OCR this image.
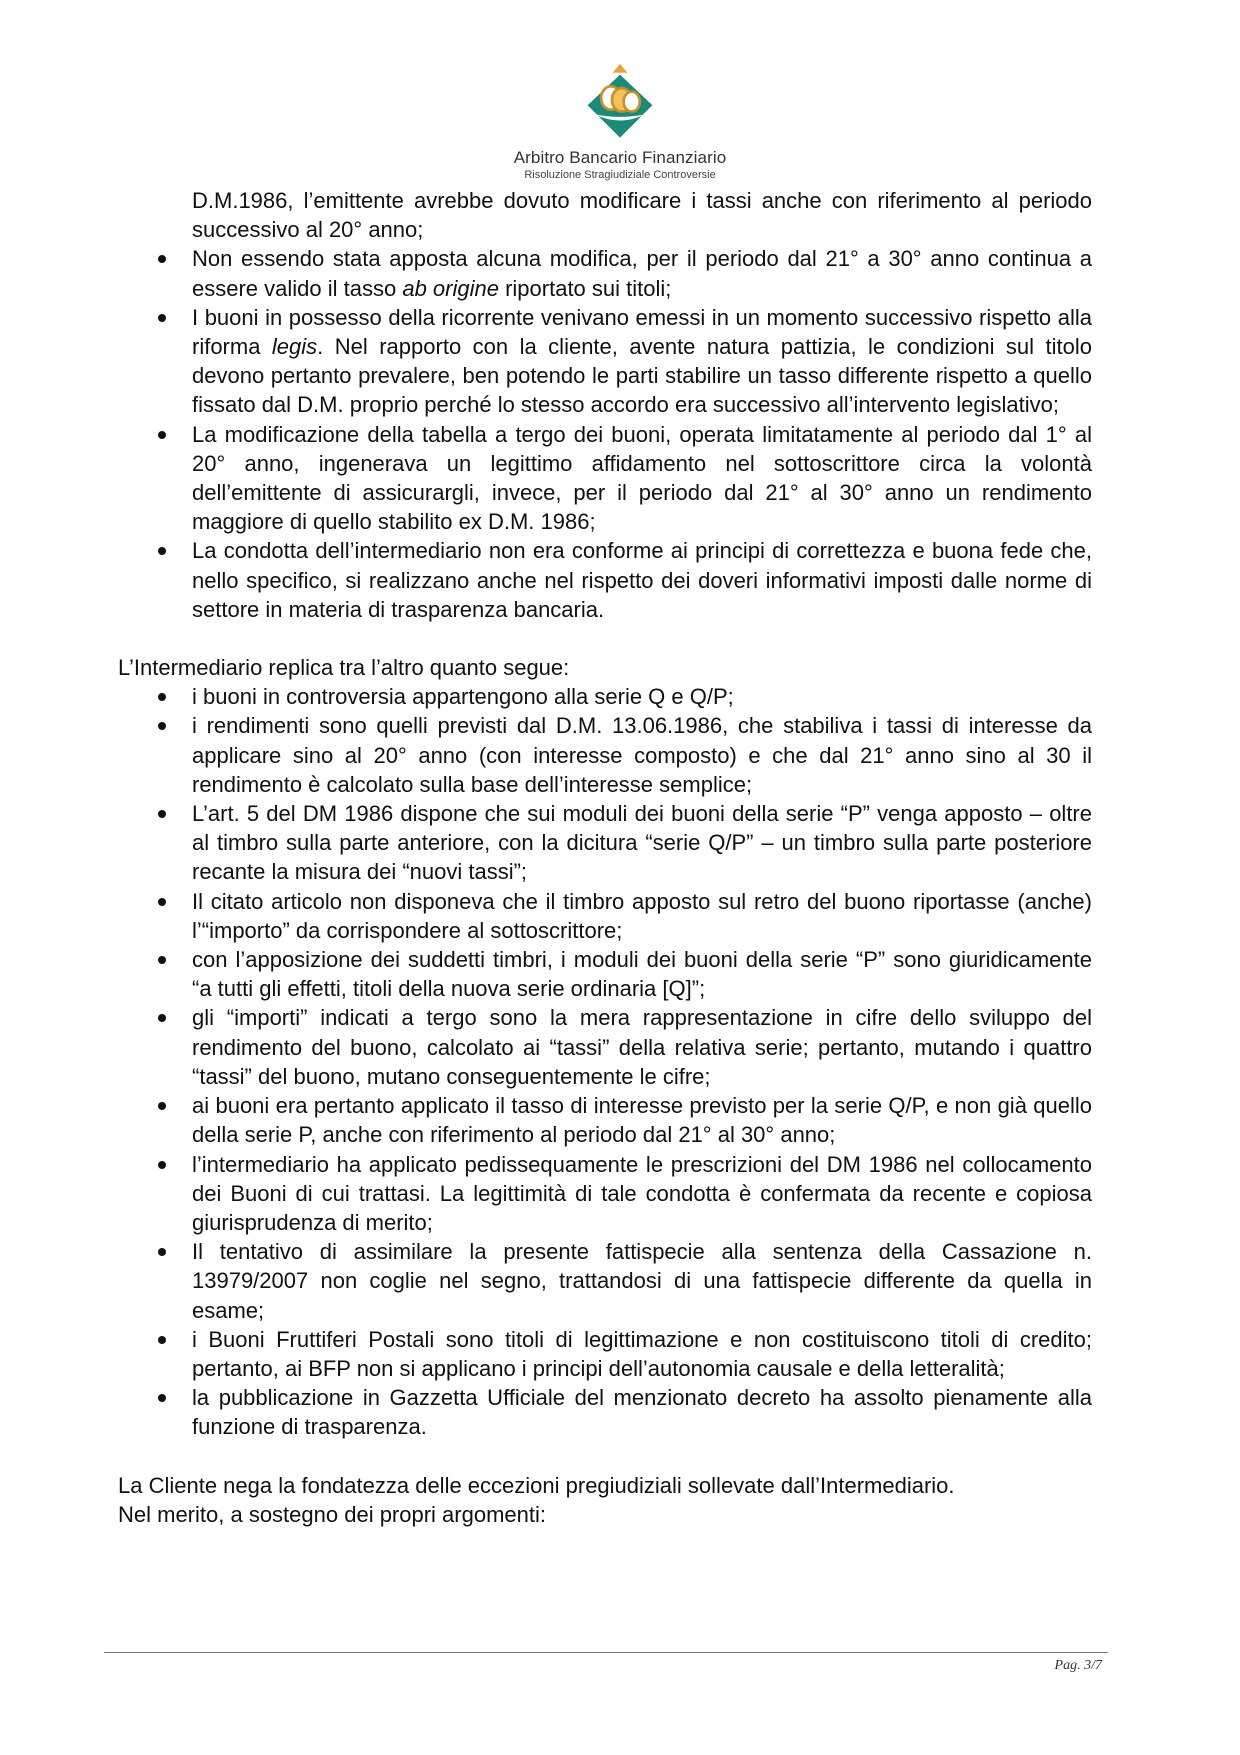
Arbitro Bancario Finanziario
Risoluzione Stragiudiziale Controversie
D.M.1986, l’emittente avrebbe dovuto modificare i tassi anche con riferimento al periodo successivo al 20° anno;
Non essendo stata apposta alcuna modifica, per il periodo dal 21° a 30° anno continua a essere valido il tasso ab origine riportato sui titoli;
I buoni in possesso della ricorrente venivano emessi in un momento successivo rispetto alla riforma legis. Nel rapporto con la cliente, avente natura pattizia, le condizioni sul titolo devono pertanto prevalere, ben potendo le parti stabilire un tasso differente rispetto a quello fissato dal D.M. proprio perché lo stesso accordo era successivo all’intervento legislativo;
La modificazione della tabella a tergo dei buoni, operata limitatamente al periodo dal 1° al 20° anno, ingenerava un legittimo affidamento nel sottoscrittore circa la volontà dell’emittente di assicurargli, invece, per il periodo dal 21° al 30° anno un rendimento maggiore di quello stabilito ex D.M. 1986;
La condotta dell’intermediario non era conforme ai principi di correttezza e buona fede che, nello specifico, si realizzano anche nel rispetto dei doveri informativi imposti dalle norme di settore in materia di trasparenza bancaria.

L’Intermediario replica tra l’altro quanto segue:

i buoni in controversia appartengono alla serie Q e Q/P;
i rendimenti sono quelli previsti dal D.M. 13.06.1986, che stabiliva i tassi di interesse da applicare sino al 20° anno (con interesse composto) e che dal 21° anno sino al 30 il rendimento è calcolato sulla base dell’interesse semplice;
L’art. 5 del DM 1986 dispone che sui moduli dei buoni della serie “P” venga apposto – oltre al timbro sulla parte anteriore, con la dicitura “serie Q/P” – un timbro sulla parte posteriore recante la misura dei “nuovi tassi”;
Il citato articolo non disponeva che il timbro apposto sul retro del buono riportasse (anche) l’“importo” da corrispondere al sottoscrittore;
con l’apposizione dei suddetti timbri, i moduli dei buoni della serie “P” sono giuridicamente “a tutti gli effetti, titoli della nuova serie ordinaria [Q]”;
gli “importi” indicati a tergo sono la mera rappresentazione in cifre dello sviluppo del rendimento del buono, calcolato ai “tassi” della relativa serie; pertanto, mutando i quattro “tassi” del buono, mutano conseguentemente le cifre;
ai buoni era pertanto applicato il tasso di interesse previsto per la serie Q/P, e non già quello della serie P, anche con riferimento al periodo dal 21° al 30° anno;
l’intermediario ha applicato pedissequamente le prescrizioni del DM 1986 nel collocamento dei Buoni di cui trattasi. La legittimità di tale condotta è confermata da recente e copiosa giurisprudenza di merito;
Il tentativo di assimilare la presente fattispecie alla sentenza della Cassazione n. 13979/2007 non coglie nel segno, trattandosi di una fattispecie differente da quella in esame;
i Buoni Fruttiferi Postali sono titoli di legittimazione e non costituiscono titoli di credito; pertanto, ai BFP non si applicano i principi dell’autonomia causale e della letteralità;
la pubblicazione in Gazzetta Ufficiale del menzionato decreto ha assolto pienamente alla funzione di trasparenza.

La Cliente nega la fondatezza delle eccezioni pregiudiziali sollevate dall’Intermediario.

Nel merito, a sostegno dei propri argomenti:

Pag. 3/7
